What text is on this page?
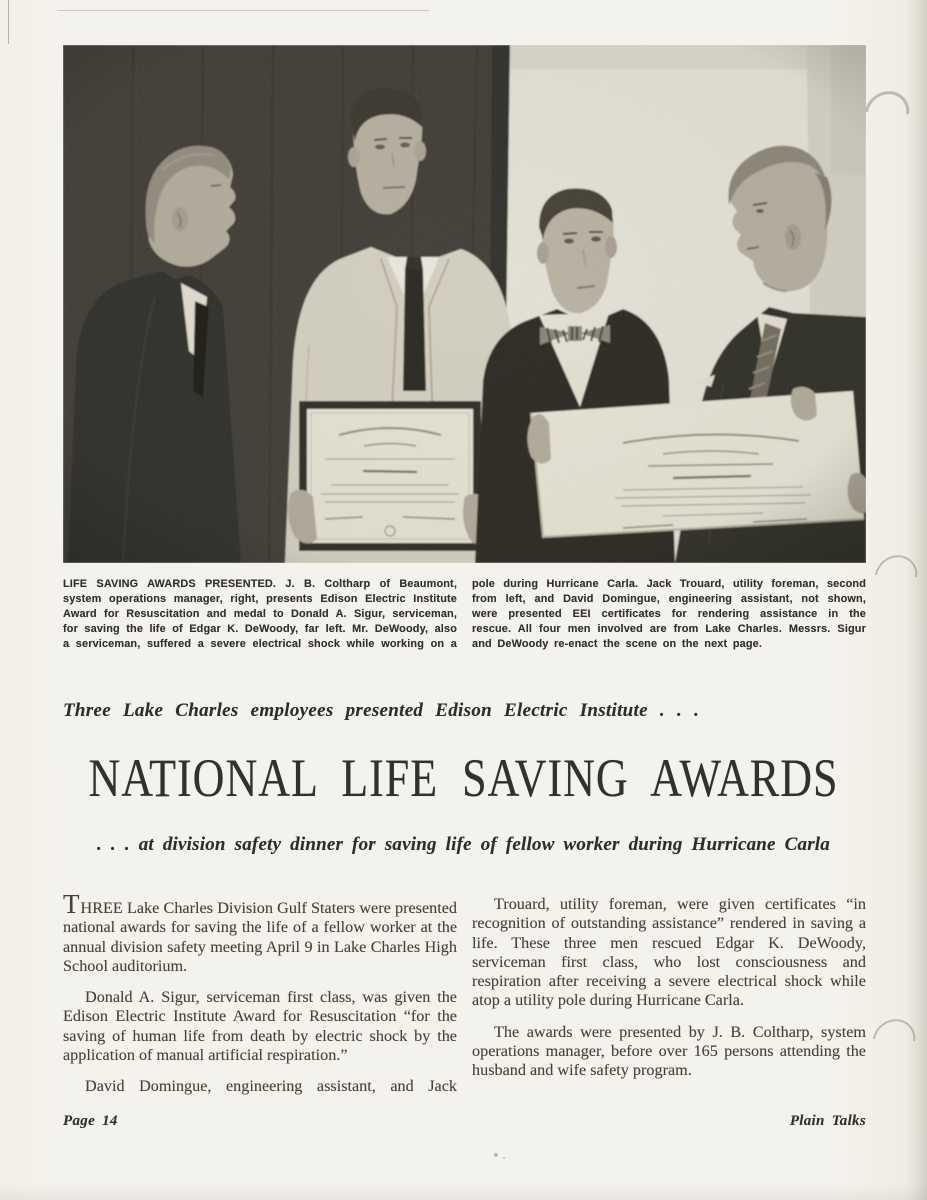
LIFE SAVING AWARDS PRESENTED. J. B. Coltharp of Beaumont, system operations manager, right, presents Edison Electric Institute Award for Resuscitation and medal to Donald A. Sigur, serviceman, for saving the life of Edgar K. DeWoody, far left. Mr. DeWoody, also a serviceman, suffered a severe electrical shock while working on a

pole during Hurricane Carla. Jack Trouard, utility foreman, second from left, and David Domingue, engineering assistant, not shown, were presented EEI certificates for rendering assistance in the rescue. All four men involved are from Lake Charles. Messrs. Sigur and DeWoody re-enact the scene on the next page.

Three Lake Charles employees presented Edison Electric Institute . . .

NATIONAL LIFE SAVING AWARDS

. . . at division safety dinner for saving life of fellow worker during Hurricane Carla

THREE Lake Charles Division Gulf Staters were presented national awards for saving the life of a fellow worker at the annual division safety meeting April 9 in Lake Charles High School auditorium.

Donald A. Sigur, serviceman first class, was given the Edison Electric Institute Award for Resuscitation “for the saving of human life from death by electric shock by the application of manual artificial respiration.”

David Domingue, engineering assistant, and Jack

Trouard, utility foreman, were given certificates “in recognition of outstanding assistance” rendered in saving a life. These three men rescued Edgar K. DeWoody, serviceman first class, who lost consciousness and respiration after receiving a severe electrical shock while atop a utility pole during Hurricane Carla.

The awards were presented by J. B. Coltharp, system operations manager, before over 165 persons attending the husband and wife safety program.

Page 14	Plain Talks
